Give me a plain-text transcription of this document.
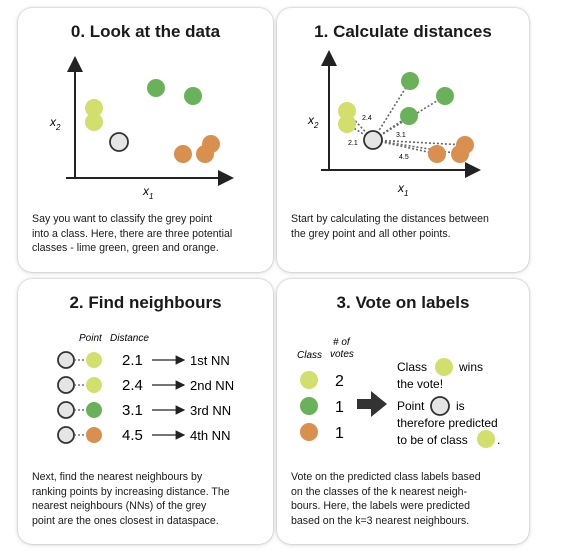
0. Look at the data
$x_2$
$x_1$

Say you want to classify the grey point
into a class. Here, there are three potential
classes - lime green, green and orange.

1. Calculate distances
$x_2$
$x_1$
2.1
2.4
3.1
4.5

Start by calculating the distances between
the grey point and all other points.

2. Find neighbours
Point Distance
2.1	1st NN
2.4	2nd NN
3.1	3rd NN
4.5	4th NN

Next, find the nearest neighbours by
ranking points by increasing distance. The
nearest neighbours (NNs) of the grey
point are the ones closest in dataspace.

3. Vote on labels
Class
# of
votes
2
1
1
Class	wins
the vote!
Point	is
therefore predicted
to be of class .

Vote on the predicted class labels based
on the classes of the k nearest neigh-
bours. Here, the labels were predicted
based on the k=3 nearest neighbours.
